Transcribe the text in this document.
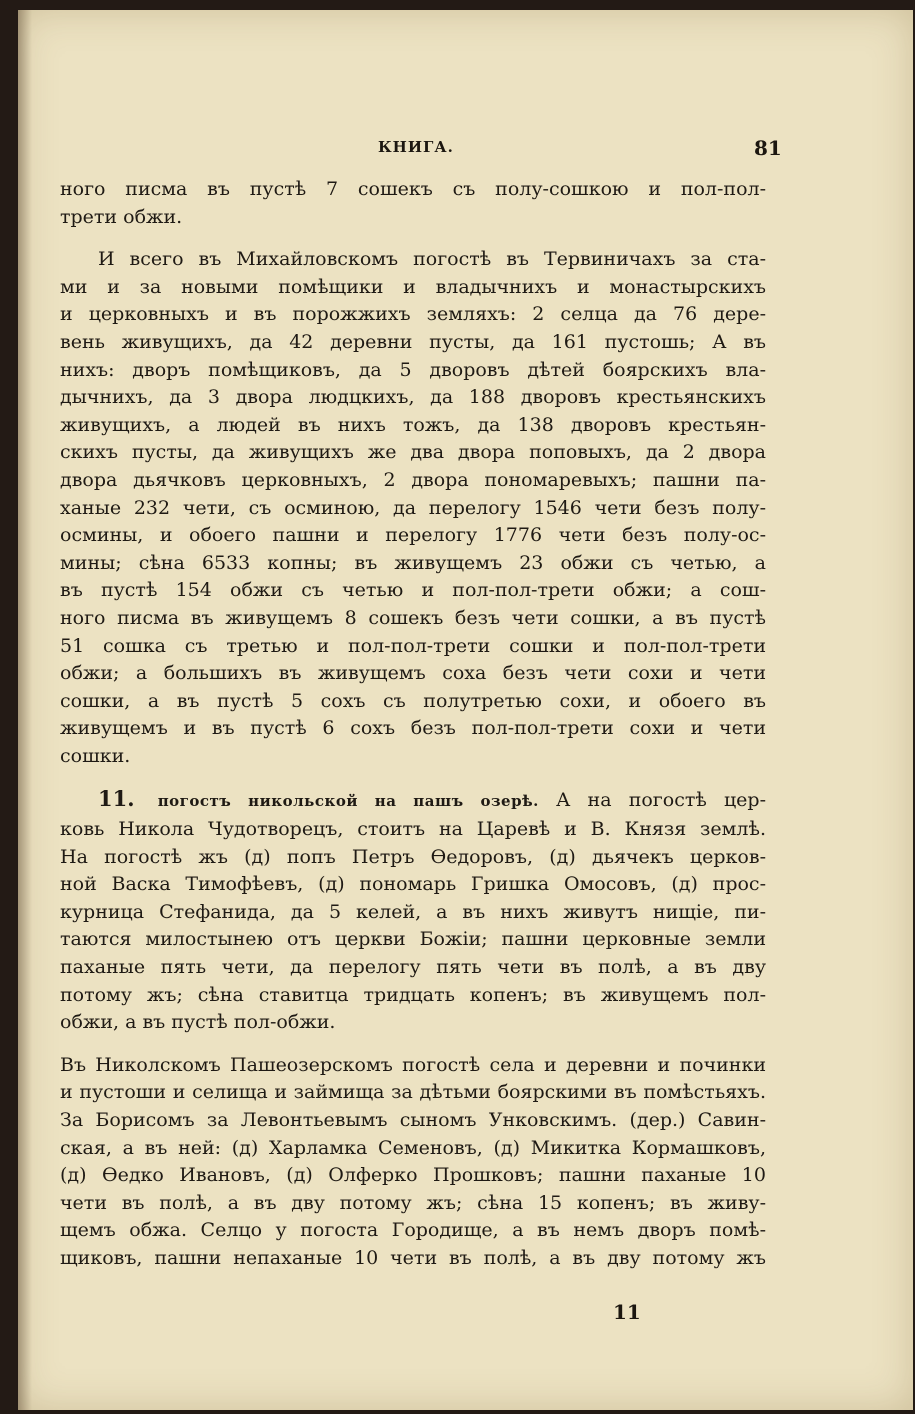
КНИГА.	81
ного писма въ пустѣ 7 сошекъ съ полу-сошкою и пол-пол-
трети обжи.
И всего въ Михайловскомъ погостѣ въ Тервиничахъ за ста-
ми и за новыми помѣщики и владычнихъ и монастырскихъ
и церковныхъ и въ порожжихъ земляхъ: 2 селца да 76 дере-
вень живущихъ, да 42 деревни пусты, да 161 пустошь; А въ
нихъ: дворъ помѣщиковъ, да 5 дворовъ дѣтей боярскихъ вла-
дычнихъ, да 3 двора людцкихъ, да 188 дворовъ крестьянскихъ
живущихъ, а людей въ нихъ тожъ, да 138 дворовъ крестьян-
скихъ пусты, да живущихъ же два двора поповыхъ, да 2 двора
двора дьячковъ церковныхъ, 2 двора пономаревыхъ; пашни па-
ханые 232 чети, съ осминою, да перелогу 1546 чети безъ полу-
осмины, и обоего пашни и перелогу 1776 чети безъ полу-ос-
мины; сѣна 6533 копны; въ живущемъ 23 обжи съ четью, а
въ пустѣ 154 обжи съ четью и пол-пол-трети обжи; а сош-
ного писма въ живущемъ 8 сошекъ безъ чети сошки, а въ пустѣ
51 сошка съ третью и пол-пол-трети сошки и пол-пол-трети
обжи; а большихъ въ живущемъ соха безъ чети сохи и чети
сошки, а въ пустѣ 5 сохъ съ полутретью сохи, и обоего въ
живущемъ и въ пустѣ 6 сохъ безъ пол-пол-трети сохи и чети
сошки.
11. погостъ никольской на пашъ озерѣ. А на погостѣ цер-
ковь Никола Чудотворецъ, стоитъ на Царевѣ и В. Князя землѣ.
На погостѣ жъ (д) попъ Петръ Ѳедоровъ, (д) дьячекъ церков-
ной Васка Тимофѣевъ, (д) пономарь Гришка Омосовъ, (д) прос-
курница Стефанида, да 5 келей, а въ нихъ живутъ нищіе, пи-
таются милостынею отъ церкви Божіи; пашни церковные земли
паханые пять чети, да перелогу пять чети въ полѣ, а въ дву
потому жъ; сѣна ставитца тридцать копенъ; въ живущемъ пол-
обжи, а въ пустѣ пол-обжи.
Въ Николскомъ Пашеозерскомъ погостѣ села и деревни и починки
и пустоши и селища и займища за дѣтьми боярскими въ помѣстьяхъ.
За Борисомъ за Левонтьевымъ сыномъ Унковскимъ. (дер.) Савин-
ская, а въ ней: (д) Харламка Семеновъ, (д) Микитка Кормашковъ,
(д) Ѳедко Ивановъ, (д) Олферко Прошковъ; пашни паханые 10
чети въ полѣ, а въ дву потому жъ; сѣна 15 копенъ; въ живу-
щемъ обжа. Селцо у погоста Городище, а въ немъ дворъ помѣ-
щиковъ, пашни непаханые 10 чети въ полѣ, а въ дву потому жъ
11
